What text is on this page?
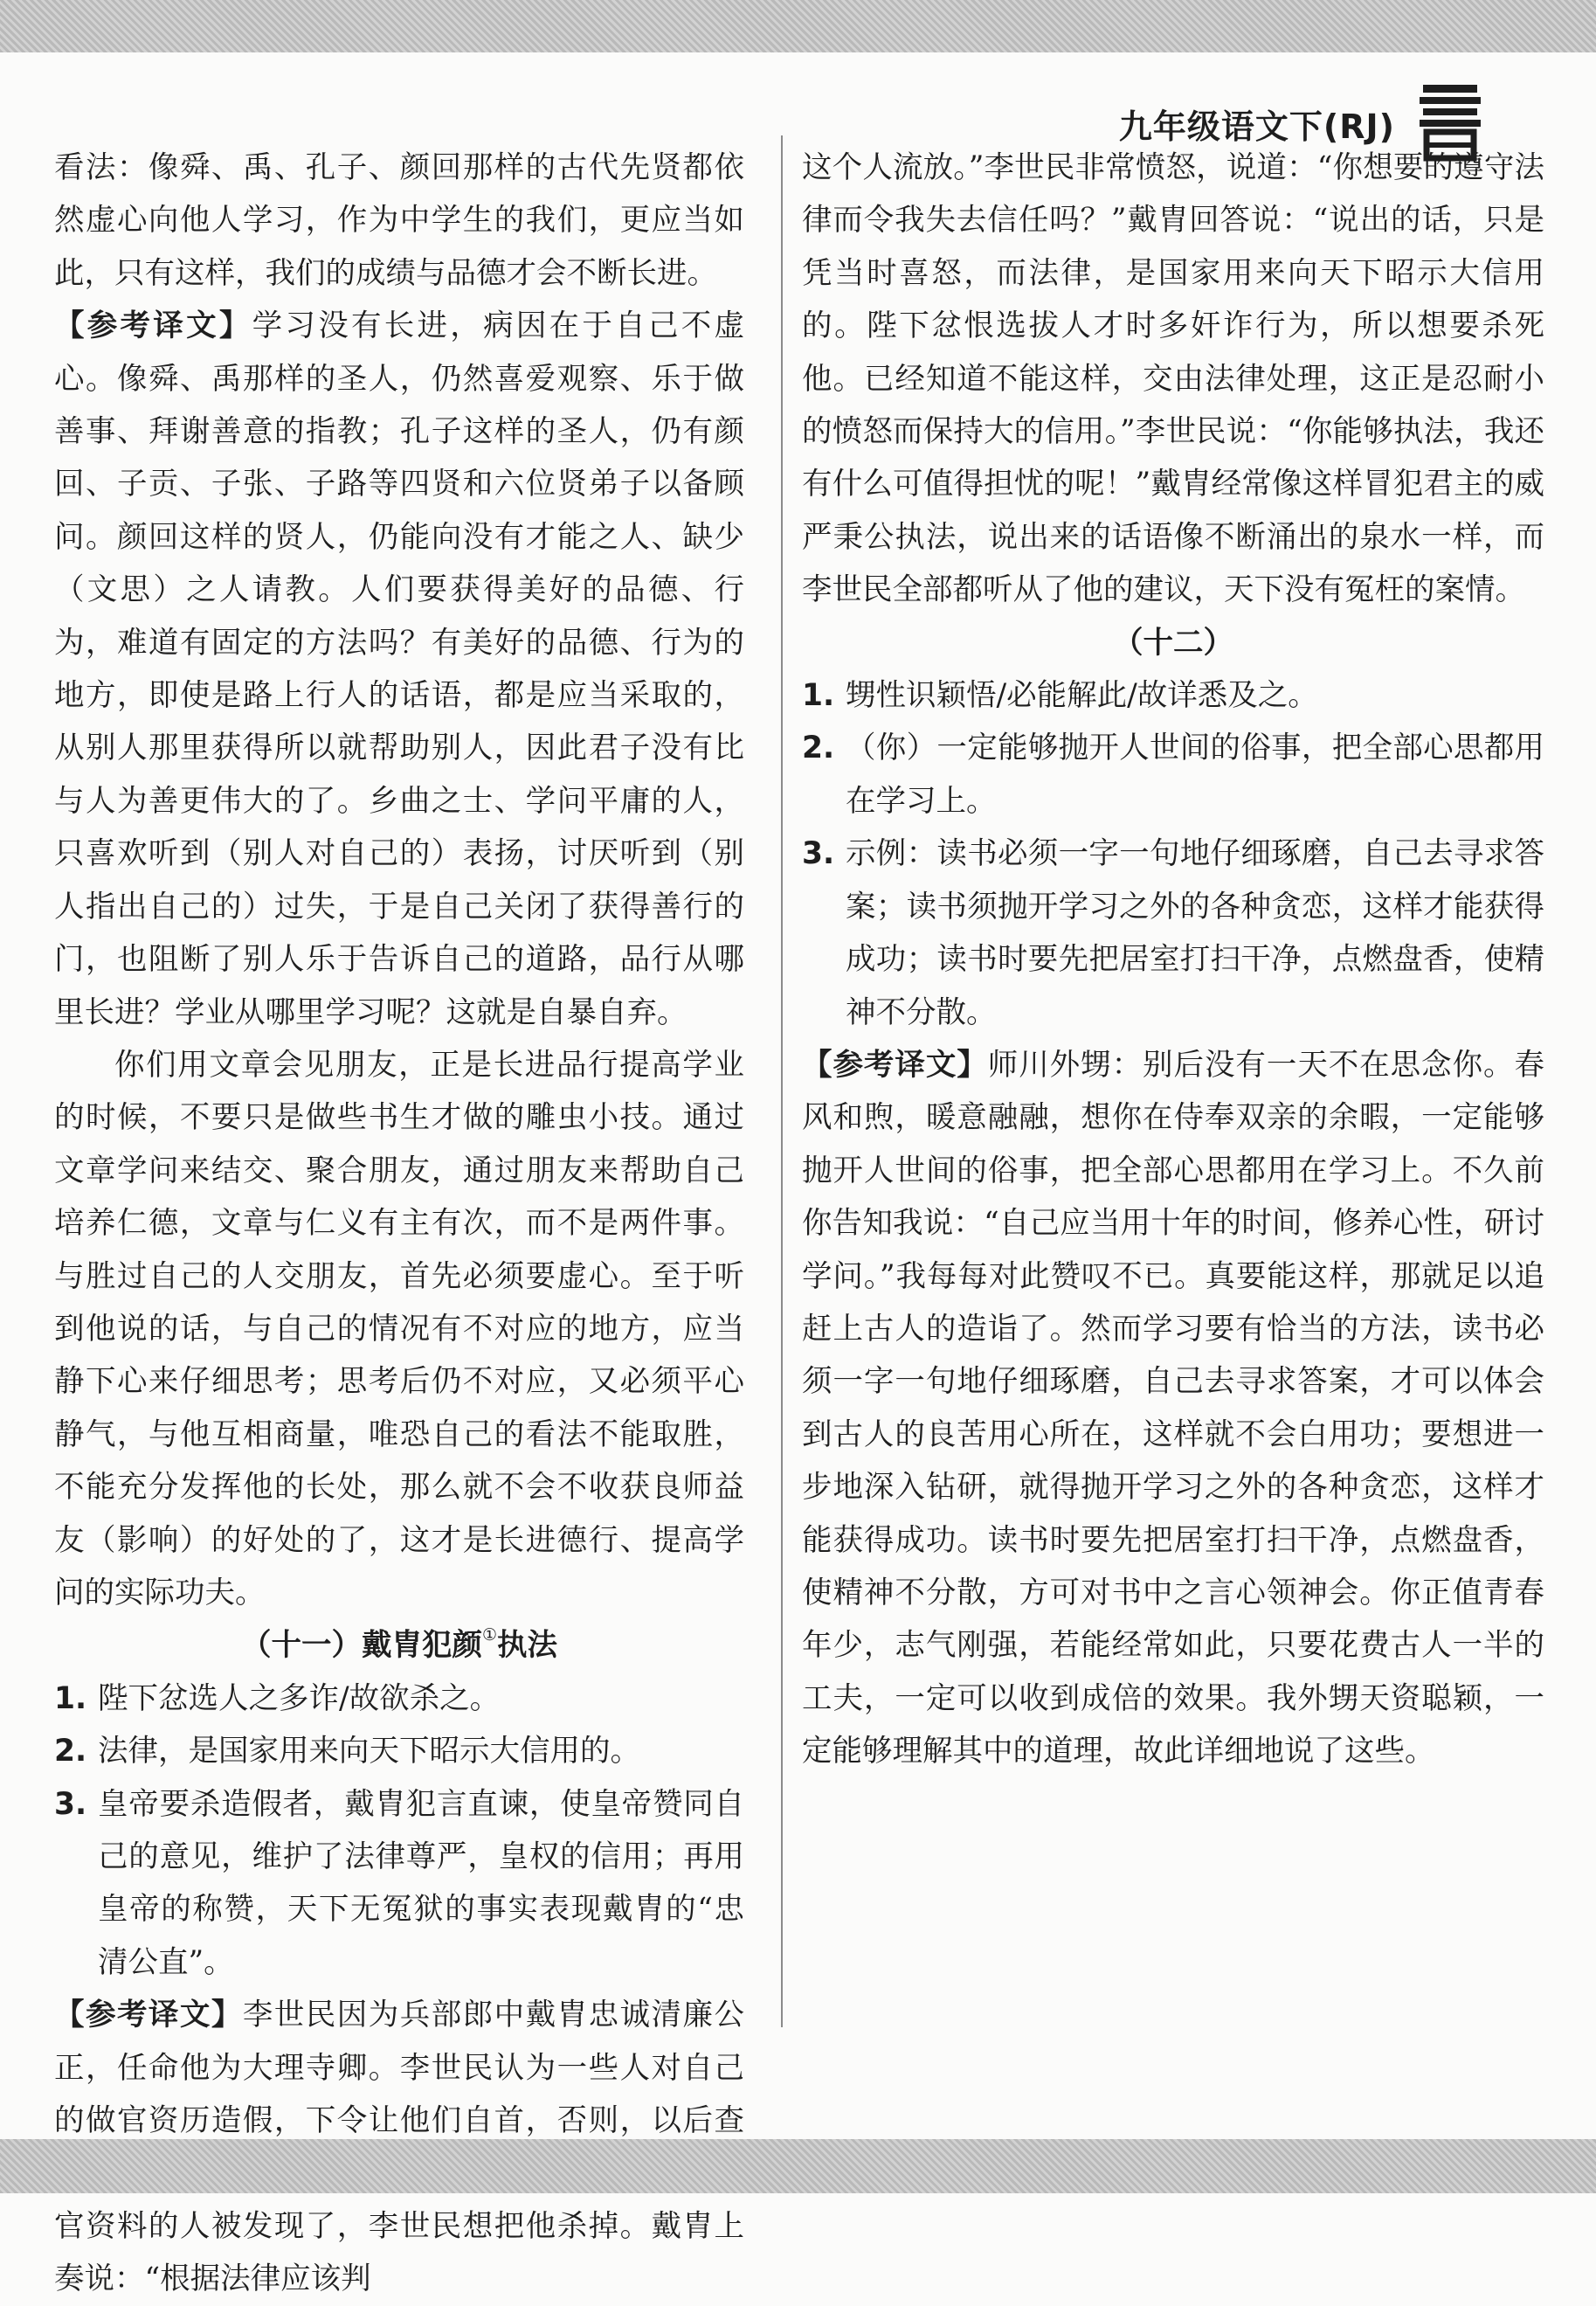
九年级语文下(RJ)

看法：像舜、禹、孔子、颜回那样的古代先贤都依然虚心向他人学习，作为中学生的我们，更应当如此，只有这样，我们的成绩与品德才会不断长进。

【参考译文】学习没有长进，病因在于自己不虚心。像舜、禹那样的圣人，仍然喜爱观察、乐于做善事、拜谢善意的指教；孔子这样的圣人，仍有颜回、子贡、子张、子路等四贤和六位贤弟子以备顾问。颜回这样的贤人，仍能向没有才能之人、缺少（文思）之人请教。人们要获得美好的品德、行为，难道有固定的方法吗？有美好的品德、行为的地方，即使是路上行人的话语，都是应当采取的，从别人那里获得所以就帮助别人，因此君子没有比与人为善更伟大的了。乡曲之士、学问平庸的人，只喜欢听到（别人对自己的）表扬，讨厌听到（别人指出自己的）过失，于是自己关闭了获得善行的门，也阻断了别人乐于告诉自己的道路，品行从哪里长进？学业从哪里学习呢？这就是自暴自弃。

你们用文章会见朋友，正是长进品行提高学业的时候，不要只是做些书生才做的雕虫小技。通过文章学问来结交、聚合朋友，通过朋友来帮助自己培养仁德，文章与仁义有主有次，而不是两件事。与胜过自己的人交朋友，首先必须要虚心。至于听到他说的话，与自己的情况有不对应的地方，应当静下心来仔细思考；思考后仍不对应，又必须平心静气，与他互相商量，唯恐自己的看法不能取胜，不能充分发挥他的长处，那么就不会不收获良师益友（影响）的好处的了，这才是长进德行、提高学问的实际功夫。

（十一）戴胄犯颜①执法

1. 陛下忿选人之多诈/故欲杀之。
2. 法律，是国家用来向天下昭示大信用的。
3. 皇帝要杀造假者，戴胄犯言直谏，使皇帝赞同自己的意见，维护了法律尊严，皇权的信用；再用皇帝的称赞，天下无冤狱的事实表现戴胄的“忠清公直”。

【参考译文】李世民因为兵部郎中戴胄忠诚清廉公正，任命他为大理寺卿。李世民认为一些人对自己的做官资历造假，下令让他们自首，否则，以后查 官资料的人被发现了，李世民想把他杀掉。戴胄上奏说：“根据法律应该判

这个人流放。”李世民非常愤怒，说道：“你想要的遵守法律而令我失去信任吗？”戴胄回答说：“说出的话，只是凭当时喜怒，而法律，是国家用来向天下昭示大信用的。陛下忿恨选拔人才时多奸诈行为，所以想要杀死他。已经知道不能这样，交由法律处理，这正是忍耐小的愤怒而保持大的信用。”李世民说：“你能够执法，我还有什么可值得担忧的呢！”戴胄经常像这样冒犯君主的威严秉公执法，说出来的话语像不断涌出的泉水一样，而李世民全部都听从了他的建议，天下没有冤枉的案情。

（十二）

1. 甥性识颖悟/必能解此/故详悉及之。
2. （你）一定能够抛开人世间的俗事，把全部心思都用在学习上。
3. 示例：读书必须一字一句地仔细琢磨，自己去寻求答案；读书须抛开学习之外的各种贪恋，这样才能获得成功；读书时要先把居室打扫干净，点燃盘香，使精神不分散。

【参考译文】师川外甥：别后没有一天不在思念你。春风和煦，暖意融融，想你在侍奉双亲的余暇，一定能够抛开人世间的俗事，把全部心思都用在学习上。不久前你告知我说：“自己应当用十年的时间，修养心性，研讨学问。”我每每对此赞叹不已。真要能这样，那就足以追赶上古人的造诣了。然而学习要有恰当的方法，读书必须一字一句地仔细琢磨，自己去寻求答案，才可以体会到古人的良苦用心所在，这样就不会白用功；要想进一步地深入钻研，就得抛开学习之外的各种贪恋，这样才能获得成功。读书时要先把居室打扫干净，点燃盘香，使精神不分散，方可对书中之言心领神会。你正值青春年少，志气刚强，若能经常如此，只要花费古人一半的工夫，一定可以收到成倍的效果。我外甥天资聪颖，一定能够理解其中的道理，故此详细地说了这些。
